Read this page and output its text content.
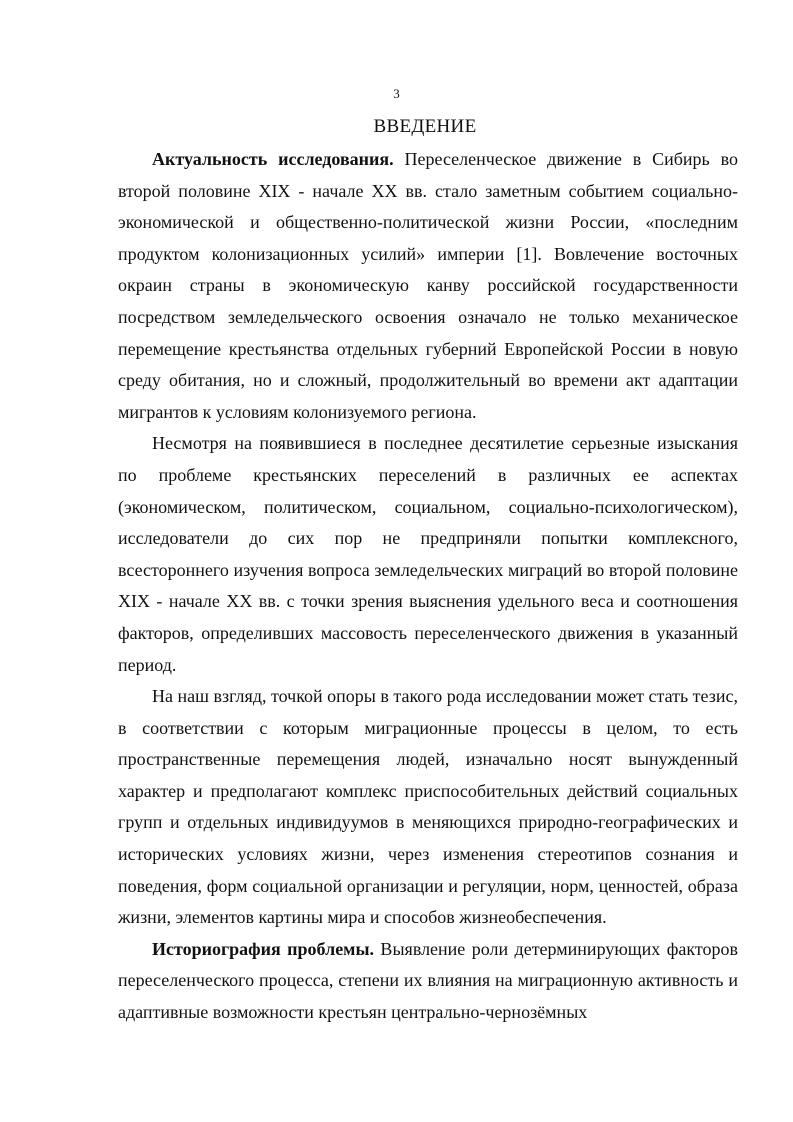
3
ВВЕДЕНИЕ

Актуальность исследования. Переселенческое движение в Сибирь во второй половине XIX - начале XX вв. стало заметным событием социально-экономической и общественно-политической жизни России, «последним продуктом колонизационных усилий» империи [1]. Вовлечение восточных окраин страны в экономическую канву российской государственности посредством земледельческого освоения означало не только механическое перемещение крестьянства отдельных губерний Европейской России в новую среду обитания, но и сложный, продолжительный во времени акт адаптации мигрантов к условиям колонизуемого региона.

Несмотря на появившиеся в последнее десятилетие серьезные изыскания по проблеме крестьянских переселений в различных ее аспектах (экономическом, политическом, социальном, социально-психологическом), исследователи до сих пор не предприняли попытки комплексного, всестороннего изучения вопроса земледельческих миграций во второй половине XIX - начале XX вв. с точки зрения выяснения удельного веса и соотношения факторов, определивших массовость переселенческого движения в указанный период.

На наш взгляд, точкой опоры в такого рода исследовании может стать тезис, в соответствии с которым миграционные процессы в целом, то есть пространственные перемещения людей, изначально носят вынужденный характер и предполагают комплекс приспособительных действий социальных групп и отдельных индивидуумов в меняющихся природно-географических и исторических условиях жизни, через изменения стереотипов сознания и поведения, форм социальной организации и регуляции, норм, ценностей, образа жизни, элементов картины мира и способов жизнеобеспечения.

Историография проблемы. Выявление роли детерминирующих факторов переселенческого процесса, степени их влияния на миграционную активность и адаптивные возможности крестьян центрально-чернозёмных
